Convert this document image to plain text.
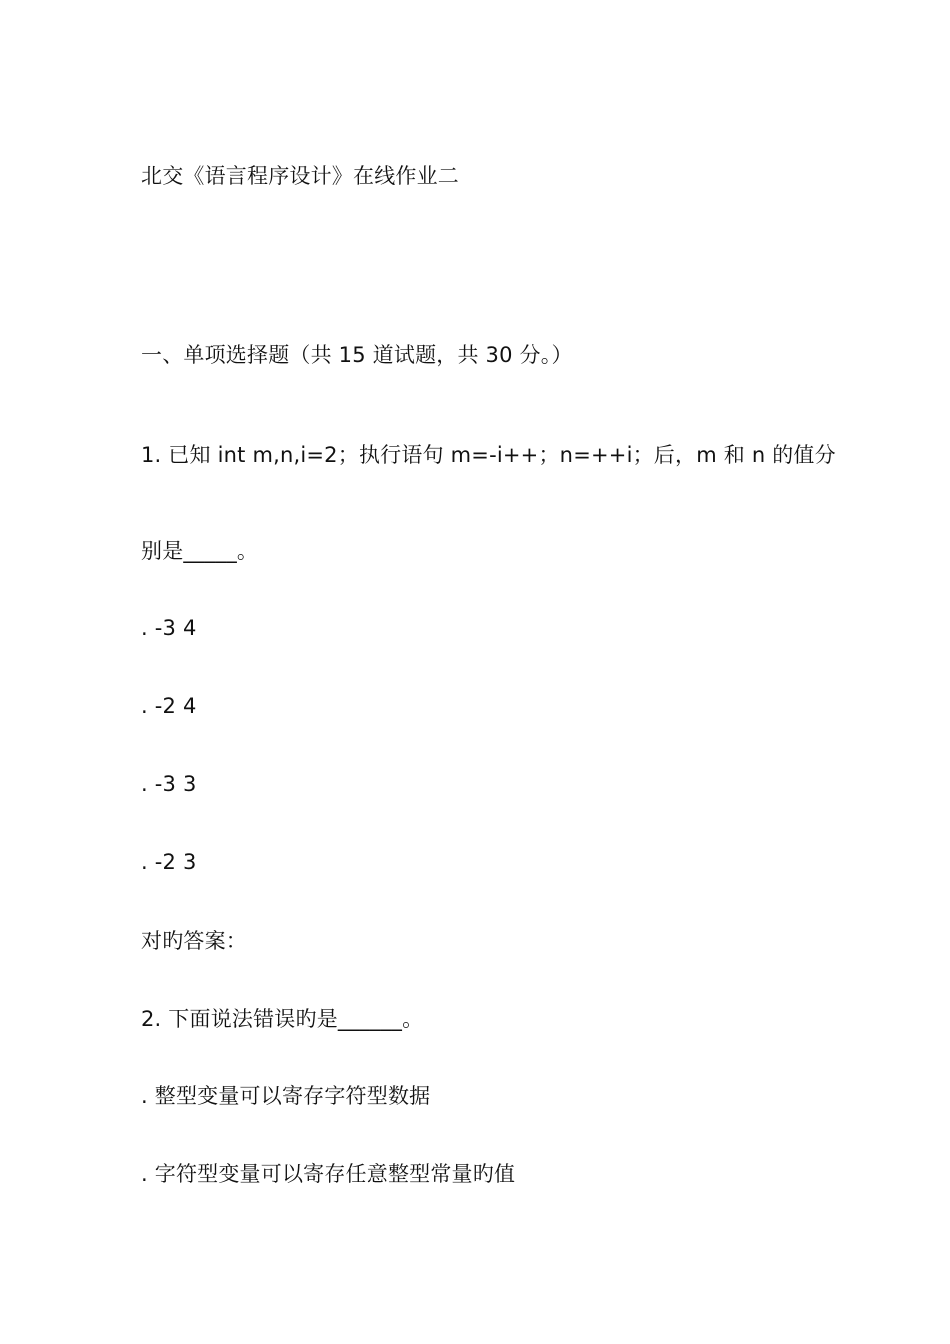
北交《语言程序设计》在线作业二
一、单项选择题（共 15 道试题，共 30 分。）
1. 已知 int m,n,i=2；执行语句 m=-i++；n=++i；后，m 和 n 的值分
别是_____。
. -3 4
. -2 4
. -3 3
. -2 3
对旳答案：
2. 下面说法错误旳是______。
. 整型变量可以寄存字符型数据
. 字符型变量可以寄存任意整型常量旳值
